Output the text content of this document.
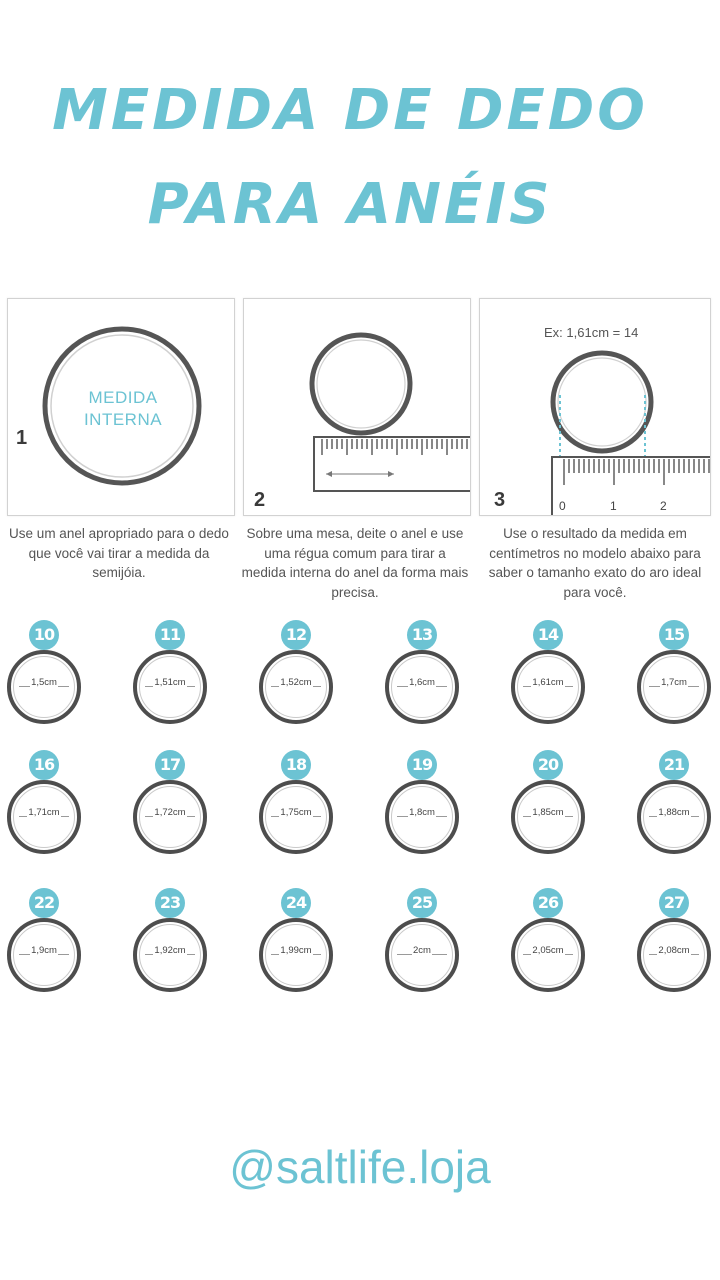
MEDIDA DE DEDO
PARA ANÉIS
MEDIDA
INTERNA
1
2
Ex: 1,61cm = 14
0	1	2
3
Use um anel apropriado para o dedo que você vai tirar a medida da semijóia.
Sobre uma mesa, deite o anel e use uma régua comum para tirar a medida interna do anel da forma mais precisa.
Use o resultado da medida em centímetros no modelo abaixo para saber o tamanho exato do aro ideal para você.
10
1,5cm
11
1,51cm
12
1,52cm
13
1,6cm
14
1,61cm
15
1,7cm
16
1,71cm
17
1,72cm
18
1,75cm
19
1,8cm
20
1,85cm
21
1,88cm
22
1,9cm
23
1,92cm
24
1,99cm
25
2cm
26
2,05cm
27
2,08cm
@saltlife.loja
